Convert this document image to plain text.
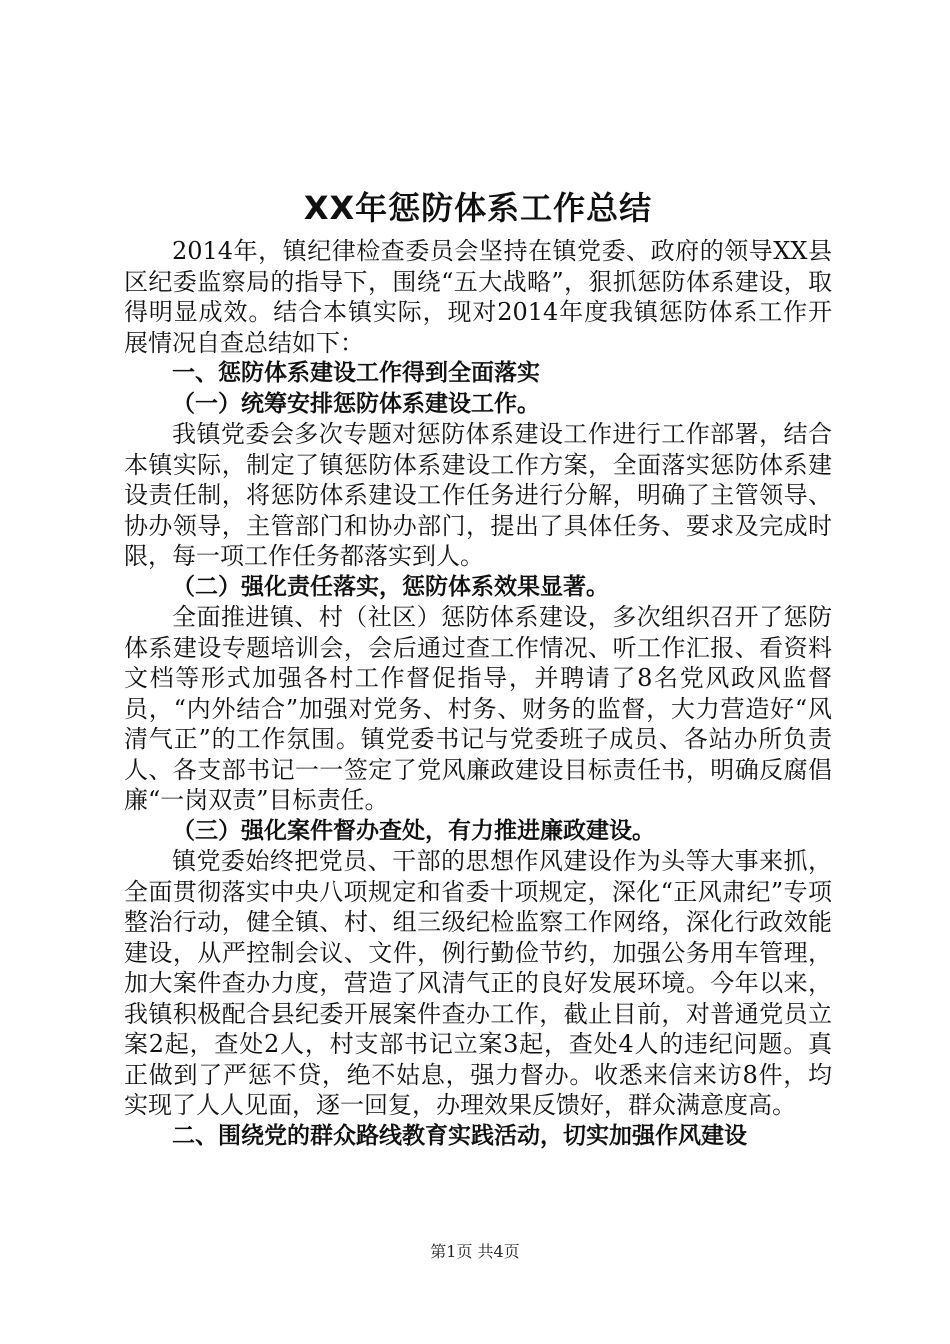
XX年惩防体系工作总结

2014年，镇纪律检查委员会坚持在镇党委、政府的领导XX县区纪委监察局的指导下，围绕“五大战略”，狠抓惩防体系建设，取得明显成效。结合本镇实际，现对2014年度我镇惩防体系工作开展情况自查总结如下：

一、惩防体系建设工作得到全面落实

（一）统筹安排惩防体系建设工作。

我镇党委会多次专题对惩防体系建设工作进行工作部署，结合本镇实际，制定了镇惩防体系建设工作方案，全面落实惩防体系建设责任制，将惩防体系建设工作任务进行分解，明确了主管领导、协办领导，主管部门和协办部门，提出了具体任务、要求及完成时限，每一项工作任务都落实到人。

（二）强化责任落实，惩防体系效果显著。

全面推进镇、村（社区）惩防体系建设，多次组织召开了惩防体系建设专题培训会，会后通过查工作情况、听工作汇报、看资料文档等形式加强各村工作督促指导，并聘请了8名党风政风监督员，“内外结合”加强对党务、村务、财务的监督，大力营造好“风清气正”的工作氛围。镇党委书记与党委班子成员、各站办所负责人、各支部书记一一签定了党风廉政建设目标责任书，明确反腐倡廉“一岗双责”目标责任。

（三）强化案件督办查处，有力推进廉政建设。

镇党委始终把党员、干部的思想作风建设作为头等大事来抓，全面贯彻落实中央八项规定和省委十项规定，深化“正风肃纪”专项整治行动，健全镇、村、组三级纪检监察工作网络，深化行政效能建设，从严控制会议、文件，例行勤俭节约，加强公务用车管理，加大案件查办力度，营造了风清气正的良好发展环境。今年以来，我镇积极配合县纪委开展案件查办工作，截止目前，对普通党员立案2起，查处2人，村支部书记立案3起，查处4人的违纪问题。真正做到了严惩不贷，绝不姑息，强力督办。收悉来信来访8件，均实现了人人见面，逐一回复，办理效果反馈好，群众满意度高。

二、围绕党的群众路线教育实践活动，切实加强作风建设

第1页 共4页
